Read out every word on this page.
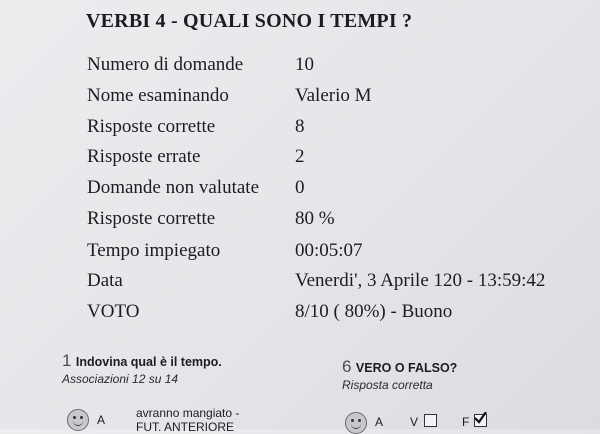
VERBI 4 - QUALI SONO I TEMPI ?
Numero di domande	10
Nome esaminando	Valerio M
Risposte corrette	8
Risposte errate	2
Domande non valutate 0
Risposte corrette	80 %
Tempo impiegato	00:05:07
Data	Venerdi', 3 Aprile 120 - 13:59:42
VOTO	8/10 ( 80%) - Buono
1 Indovina qual è il tempo.
Associazioni 12 su 14
6 VERO O FALSO?
Risposta corretta
A	avranno mangiato -
FUT. ANTERIORE	A V	F
